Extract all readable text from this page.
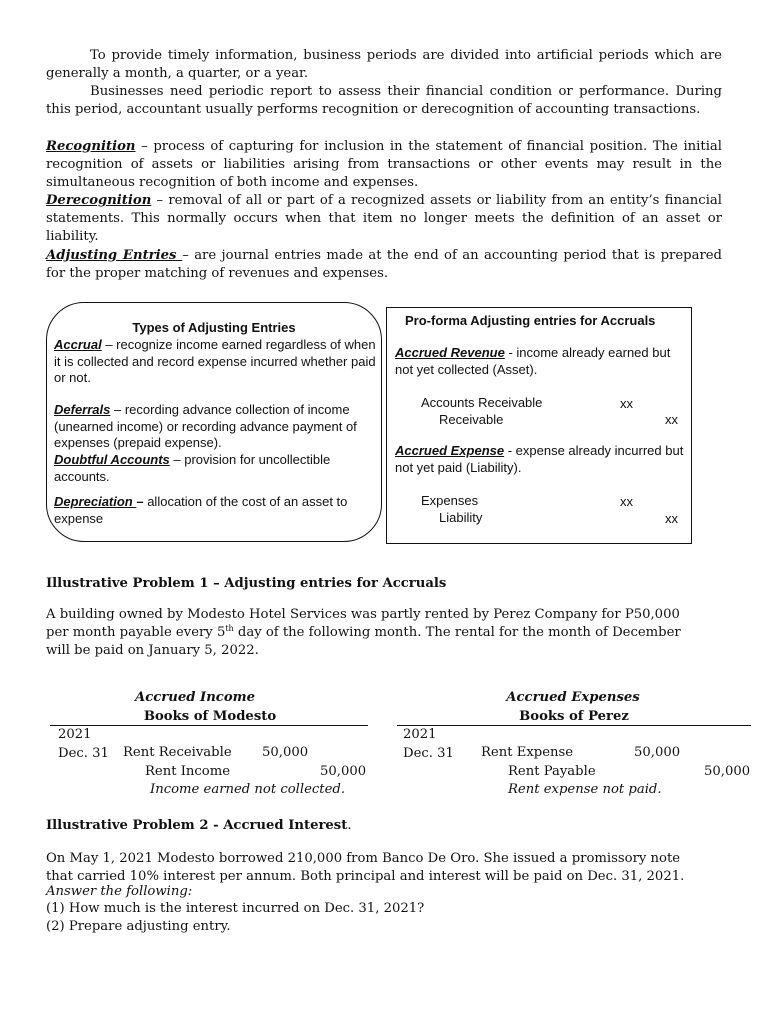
To provide timely information, business periods are divided into artificial periods which are generally a month, a quarter, or a year.
Businesses need periodic report to assess their financial condition or performance. During this period, accountant usually performs recognition or derecognition of accounting transactions.
Recognition – process of capturing for inclusion in the statement of financial position. The initial recognition of assets or liabilities arising from transactions or other events may result in the simultaneous recognition of both income and expenses.
Derecognition – removal of all or part of a recognized assets or liability from an entity’s financial statements. This normally occurs when that item no longer meets the definition of an asset or liability.
Adjusting Entries – are journal entries made at the end of an accounting period that is prepared for the proper matching of revenues and expenses.
Types of Adjusting Entries
Accrual – recognize income earned regardless of when it is collected and record expense incurred whether paid or not.
Deferrals – recording advance collection of income (unearned income) or recording advance payment of expenses (prepaid expense).
Doubtful Accounts – provision for uncollectible accounts.
Depreciation – allocation of the cost of an asset to expense
Pro-forma Adjusting entries for Accruals
Accrued Revenue - income already earned but not yet collected (Asset).
Accounts Receivable	xx
Receivable	xx
Accrued Expense - expense already incurred but not yet paid (Liability).
Expenses	xx
Liability	xx
Illustrative Problem 1 – Adjusting entries for Accruals
A building owned by Modesto Hotel Services was partly rented by Perez Company for P50,000 per month payable every 5th day of the following month. The rental for the month of December will be paid on January 5, 2022.
Accrued Income
Books of Modesto
2021
Dec. 31 Rent Receivable 50,000
Rent Income	50,000
Income earned not collected.
Accrued Expenses
Books of Perez
2021
Dec. 31 Rent Expense	50,000
Rent Payable	50,000
Rent expense not paid.
Illustrative Problem 2 - Accrued Interest.
On May 1, 2021 Modesto borrowed 210,000 from Banco De Oro. She issued a promissory note that carried 10% interest per annum. Both principal and interest will be paid on Dec. 31, 2021.
Answer the following:
(1) How much is the interest incurred on Dec. 31, 2021?
(2) Prepare adjusting entry.
